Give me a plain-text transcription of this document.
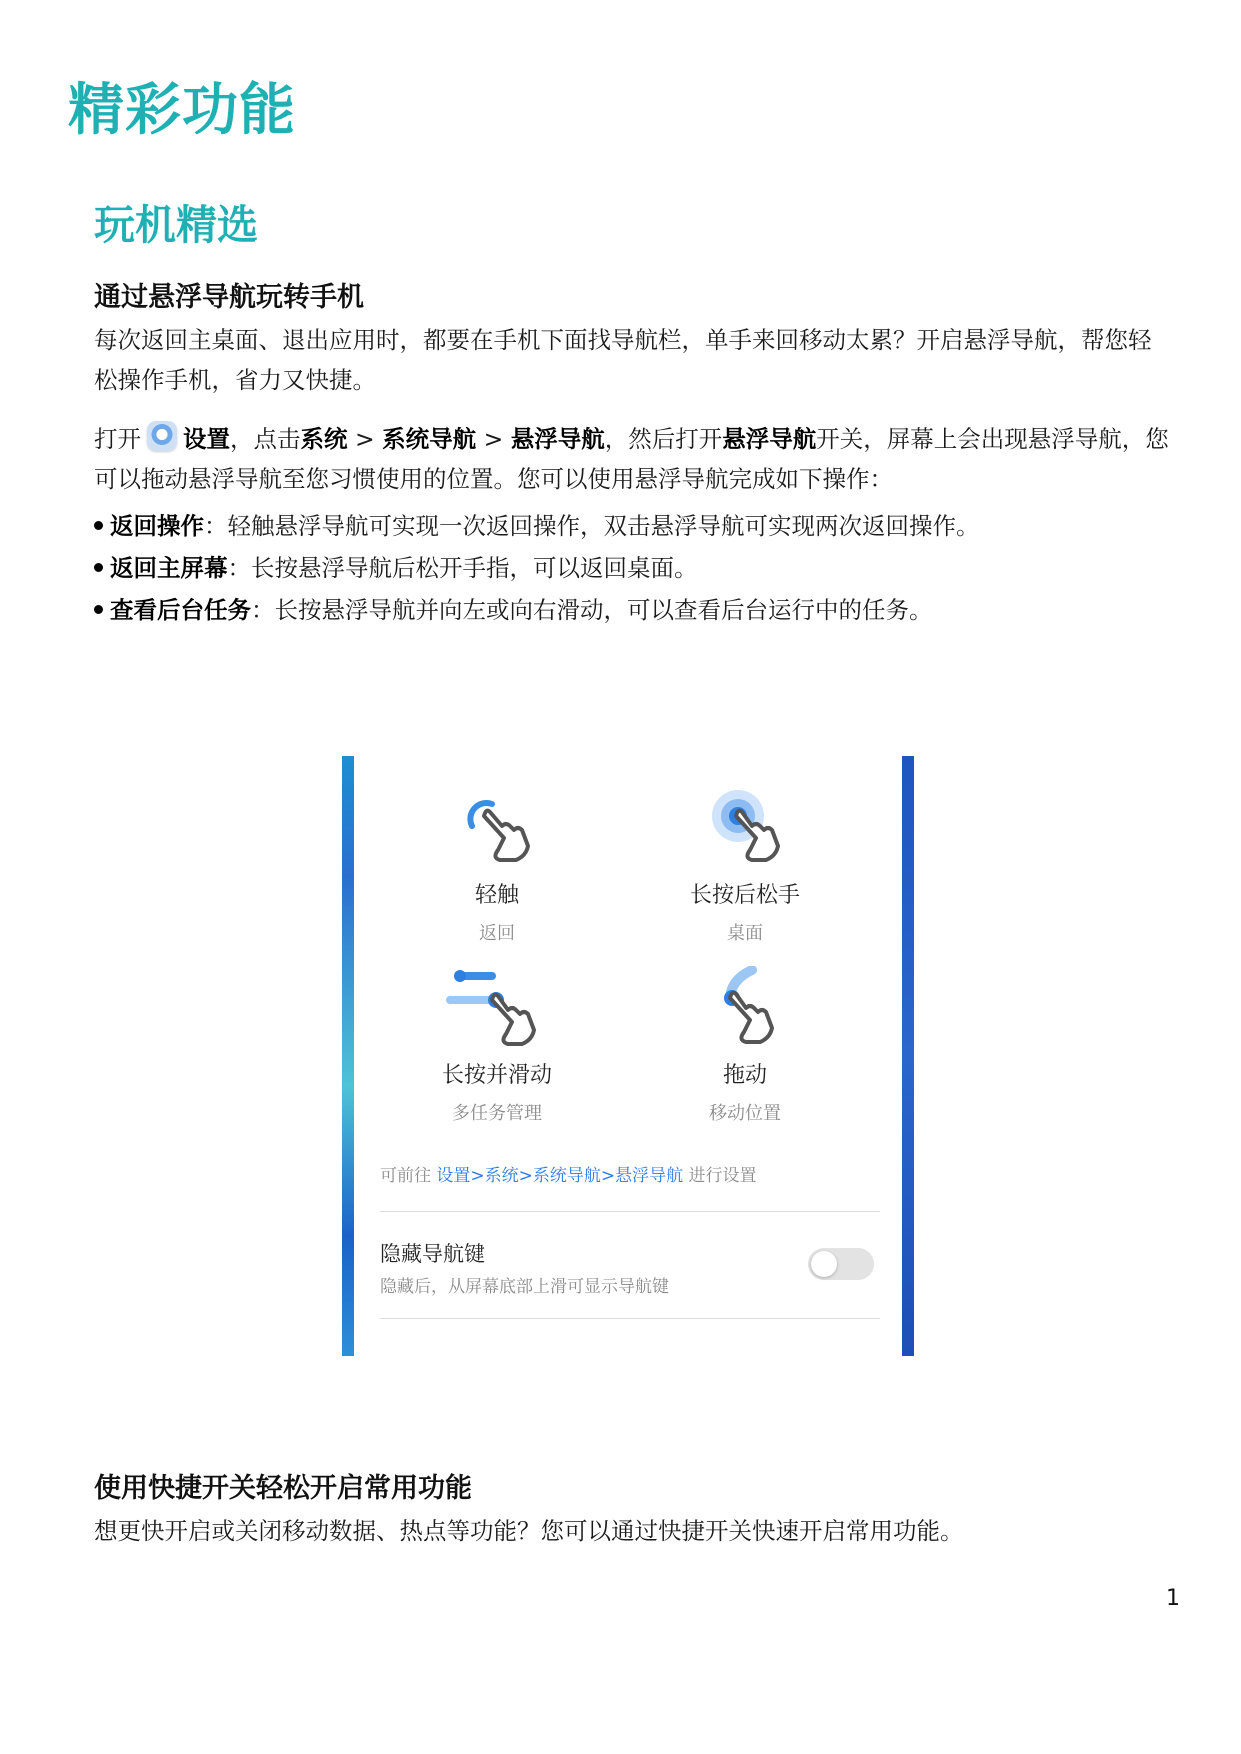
精彩功能
玩机精选
通过悬浮导航玩转手机

每次返回主桌面、退出应用时，都要在手机下面找导航栏，单手来回移动太累？开启悬浮导航，帮您轻松操作手机，省力又快捷。

打开 设置，点击系统 > 系统导航 > 悬浮导航，然后打开悬浮导航开关，屏幕上会出现悬浮导航，您可以拖动悬浮导航至您习惯使用的位置。您可以使用悬浮导航完成如下操作：

返回操作：轻触悬浮导航可实现一次返回操作，双击悬浮导航可实现两次返回操作。
返回主屏幕：长按悬浮导航后松开手指，可以返回桌面。
查看后台任务：长按悬浮导航并向左或向右滑动，可以查看后台运行中的任务。
轻触
返回
长按后松手
桌面
长按并滑动
多任务管理
拖动
移动位置
可前往 设置>系统>系统导航>悬浮导航 进行设置
隐藏导航键
隐藏后，从屏幕底部上滑可显示导航键
使用快捷开关轻松开启常用功能

想更快开启或关闭移动数据、热点等功能？您可以通过快捷开关快速开启常用功能。

1
